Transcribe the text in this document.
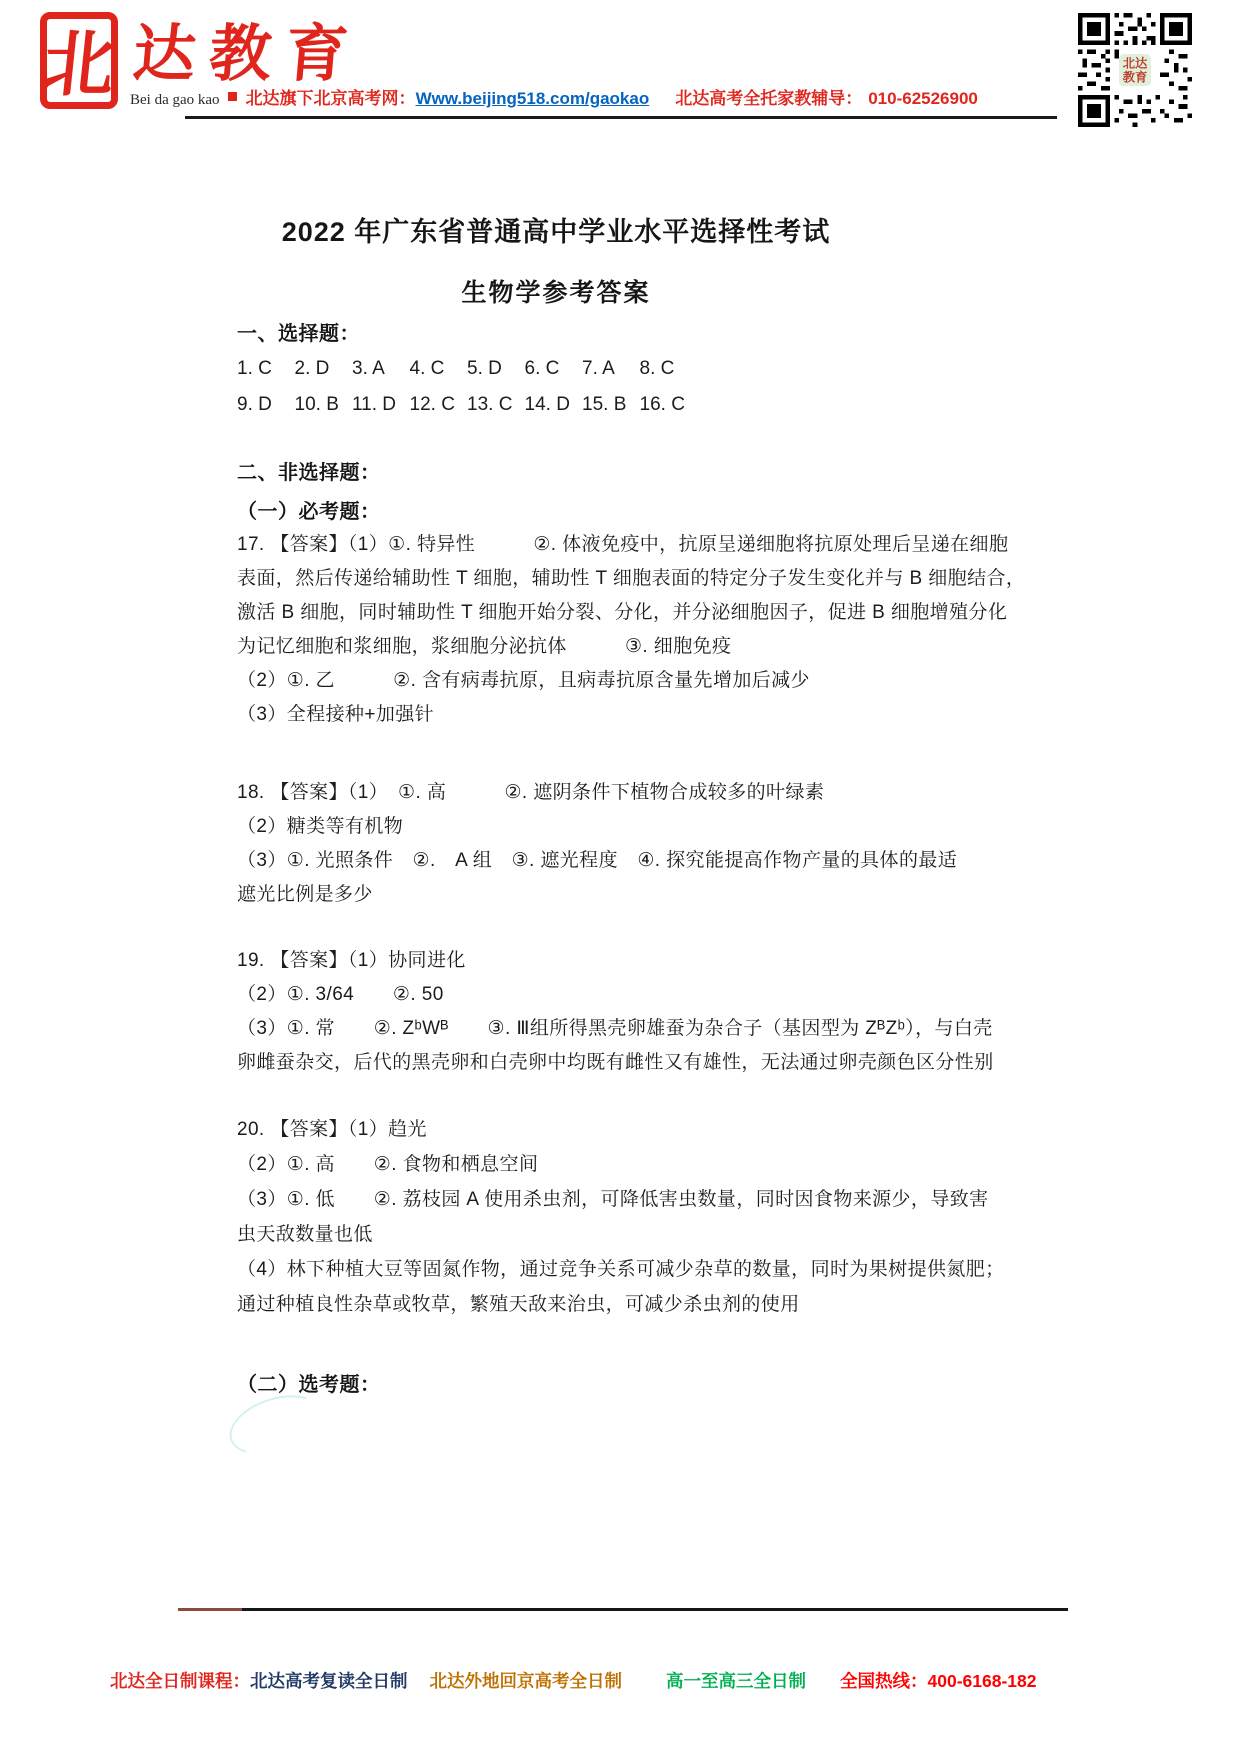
北 达教育
Bei da gao kao 北达旗下北京高考网： Www.beijing518.com/gaokao 北达高考全托家教辅导： 010-62526900
北达
教育
2022 年广东省普通高中学业水平选择性考试
生物学参考答案
一、选择题：
1. C	2. D	3. A	4. C	5. D	6. C	7. A	8. C
9. D	10. B 11. D 12. C 13. C 14. D 15. B 16. C
二、非选择题：
（一）必考题：
17. 【答案】（1）①. 特异性　　　②. 体液免疫中，抗原呈递细胞将抗原处理后呈递在细胞
表面，然后传递给辅助性 T 细胞，辅助性 T 细胞表面的特定分子发生变化并与 B 细胞结合，
激活 B 细胞，同时辅助性 T 细胞开始分裂、分化，并分泌细胞因子，促进 B 细胞增殖分化
为记忆细胞和浆细胞，浆细胞分泌抗体　　　③. 细胞免疫
（2）①. 乙　　　②. 含有病毒抗原，且病毒抗原含量先增加后减少
（3）全程接种+加强针
18. 【答案】（1）　①. 高　　　②. 遮阴条件下植物合成较多的叶绿素
（2）糖类等有机物
（3）①. 光照条件　②.　A 组　③. 遮光程度　④. 探究能提高作物产量的具体的最适
遮光比例是多少
19. 【答案】（1）协同进化
（2）①. 3/64　　②. 50
（3）①. 常　　②. ZᵇWᴮ　　③. Ⅲ组所得黑壳卵雄蚕为杂合子（基因型为 ZᴮZᵇ），与白壳
卵雌蚕杂交，后代的黑壳卵和白壳卵中均既有雌性又有雄性，无法通过卵壳颜色区分性别
20. 【答案】（1）趋光
（2）①. 高　　②. 食物和栖息空间
（3）①. 低　　②. 荔枝园 A 使用杀虫剂，可降低害虫数量，同时因食物来源少，导致害
虫天敌数量也低
（4）林下种植大豆等固氮作物，通过竞争关系可减少杂草的数量，同时为果树提供氮肥；
通过种植良性杂草或牧草，繁殖天敌来治虫，可减少杀虫剂的使用
（二）选考题：
北达全日制课程： 北达高考复读全日制 北达外地回京高考全日制	高一至高三全日制 全国热线： 400-6168-182
